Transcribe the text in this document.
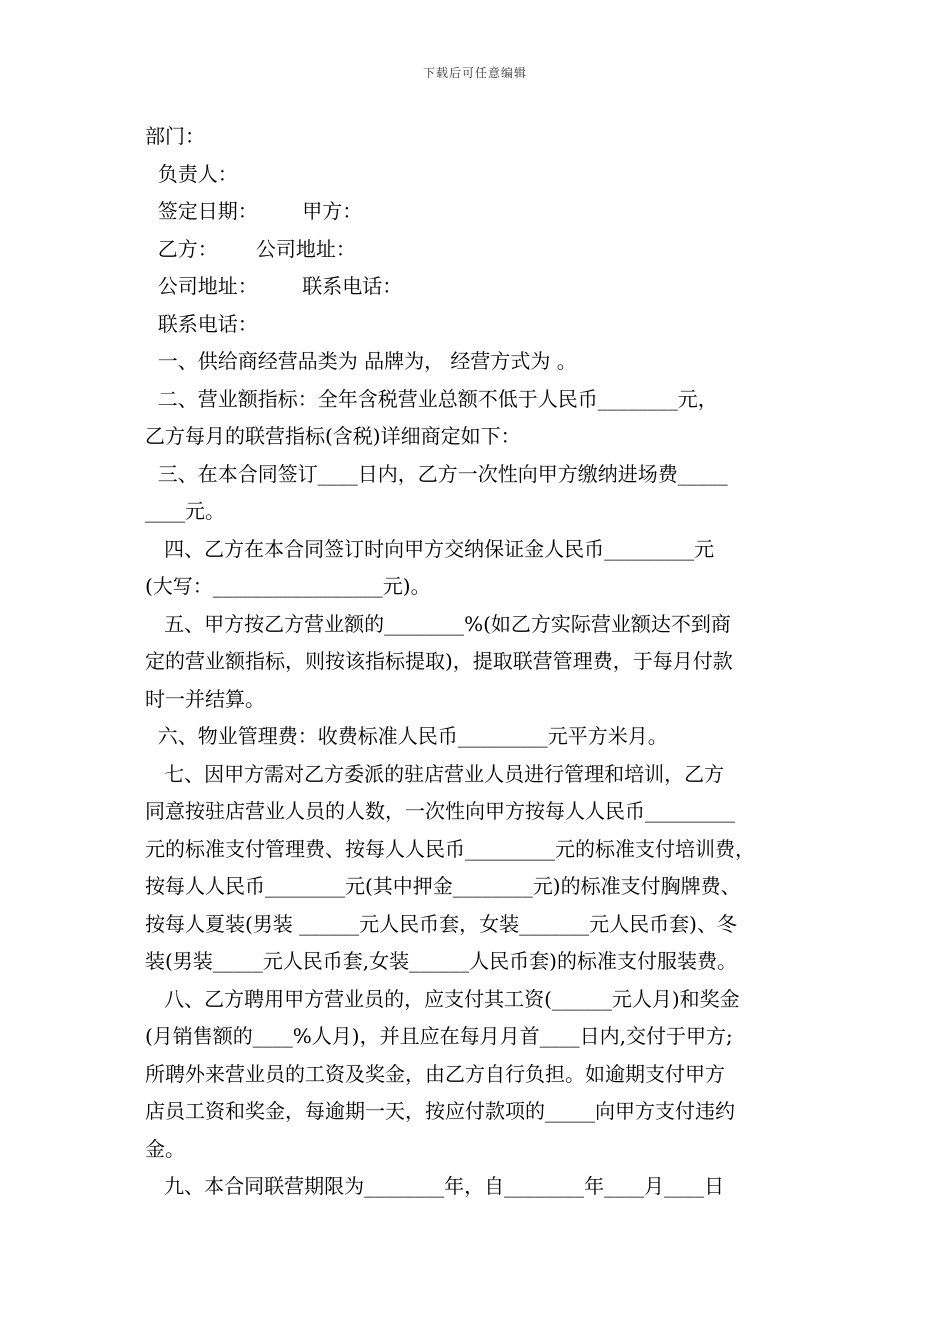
下载后可任意编辑
部门：
负责人：
签定日期：       甲方：
乙方：      公司地址：
公司地址：       联系电话：
联系电话：
一、供给商经营品类为 品牌为， 经营方式为 。
二、营业额指标：全年含税营业总额不低于人民币________元，
乙方每月的联营指标(含税)详细商定如下：
三、在本合同签订____日内，乙方一次性向甲方缴纳进场费_____
____元。
四、乙方在本合同签订时向甲方交纳保证金人民币_________元
(大写：_________________元)。
五、甲方按乙方营业额的________%(如乙方实际营业额达不到商
定的营业额指标，则按该指标提取)，提取联营管理费，于每月付款
时一并结算。
六、物业管理费：收费标准人民币_________元平方米月。
七、因甲方需对乙方委派的驻店营业人员进行管理和培训，乙方
同意按驻店营业人员的人数，一次性向甲方按每人人民币_________
元的标准支付管理费、按每人人民币_________元的标准支付培训费，
按每人人民币________元(其中押金________元)的标准支付胸牌费、
按每人夏装(男装 ______元人民币套，女装_______元人民币套)、冬
装(男装_____元人民币套,女装______人民币套)的标准支付服装费。
八、乙方聘用甲方营业员的，应支付其工资(______元人月)和奖金
(月销售额的____%人月)，并且应在每月月首____日内,交付于甲方;
所聘外来营业员的工资及奖金，由乙方自行负担。如逾期支付甲方
店员工资和奖金，每逾期一天，按应付款项的_____向甲方支付违约
金。
九、本合同联营期限为________年，自________年____月____日
